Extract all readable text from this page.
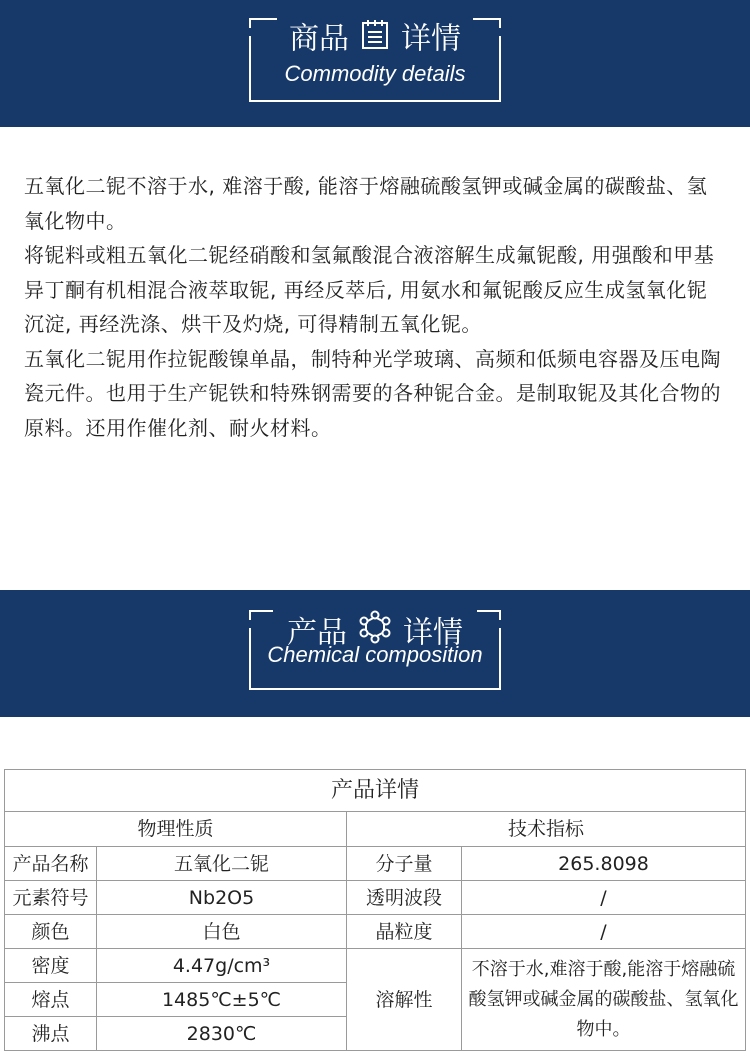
商品 详情
Commodity details

五氧化二铌不溶于水, 难溶于酸, 能溶于熔融硫酸氢钾或碱金属的碳酸盐、氢氧化物中。

将铌料或粗五氧化二铌经硝酸和氢氟酸混合液溶解生成氟铌酸, 用强酸和甲基异丁酮有机相混合液萃取铌, 再经反萃后, 用氨水和氟铌酸反应生成氢氧化铌沉淀, 再经洗涤、烘干及灼烧, 可得精制五氧化铌。

五氧化二铌用作拉铌酸镍单晶，制特种光学玻璃、高频和低频电容器及压电陶瓷元件。也用于生产铌铁和特殊钢需要的各种铌合金。是制取铌及其化合物的原料。还用作催化剂、耐火材料。

产品 详情
Chemical composition
产品详情			
物理性质		技术指标	
产品名称	五氧化二铌	分子量	265.8098
元素符号	Nb2O5	透明波段	/
颜色	白色	晶粒度	/
密度	4.47g/cm³	溶解性	不溶于水,难溶于酸,能溶于熔融硫酸氢钾或碱金属的碳酸盐、氢氧化物中。
熔点	1485℃±5℃		
沸点	2830℃		
